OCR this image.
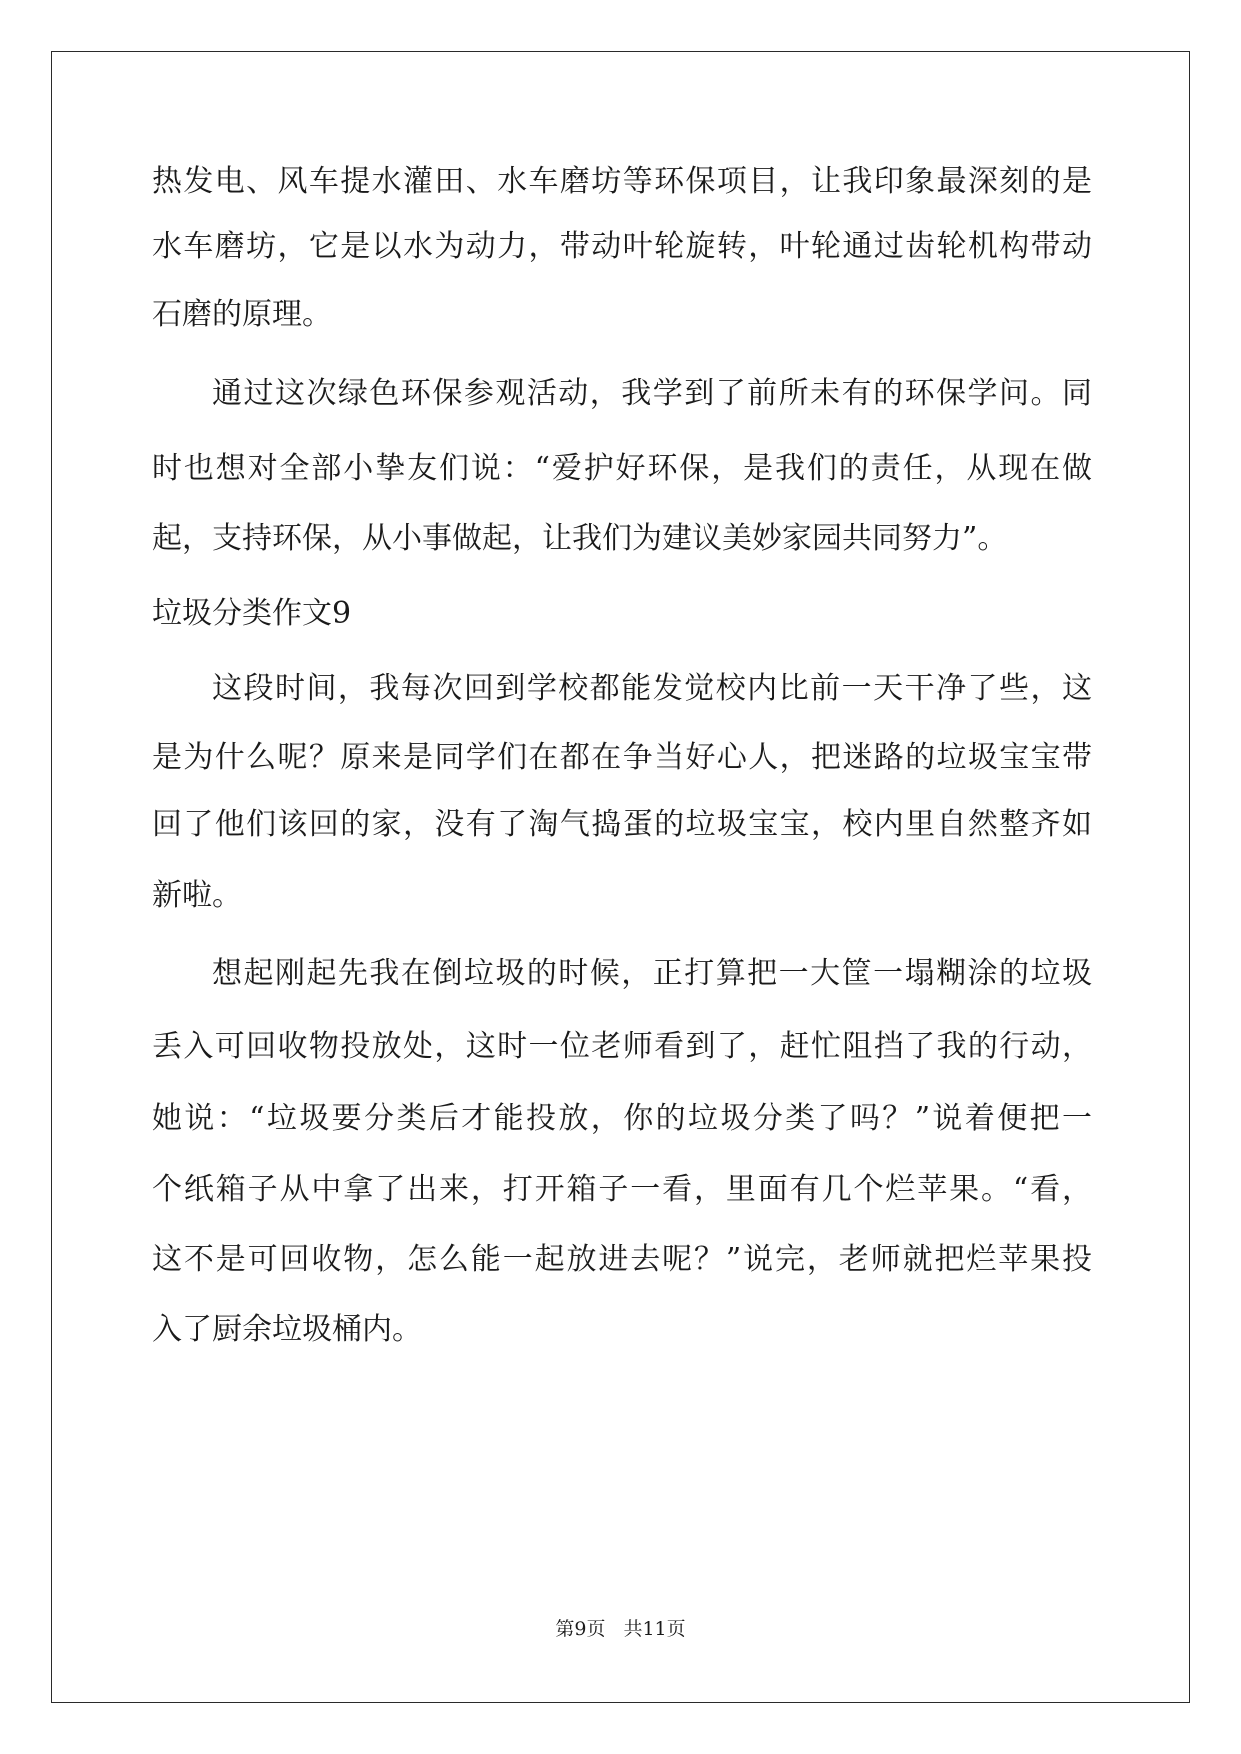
热发电、风车提水灌田、水车磨坊等环保项目，让我印象最深刻的是
水车磨坊，它是以水为动力，带动叶轮旋转，叶轮通过齿轮机构带动
石磨的原理。
通过这次绿色环保参观活动，我学到了前所未有的环保学问。同
时也想对全部小挚友们说：“爱护好环保，是我们的责任，从现在做
起，支持环保，从小事做起，让我们为建议美妙家园共同努力”。
垃圾分类作文9
这段时间，我每次回到学校都能发觉校内比前一天干净了些，这
是为什么呢？原来是同学们在都在争当好心人，把迷路的垃圾宝宝带
回了他们该回的家，没有了淘气捣蛋的垃圾宝宝，校内里自然整齐如
新啦。
想起刚起先我在倒垃圾的时候，正打算把一大筐一塌糊涂的垃圾
丢入可回收物投放处，这时一位老师看到了，赶忙阻挡了我的行动，
她说：“垃圾要分类后才能投放，你的垃圾分类了吗？”说着便把一
个纸箱子从中拿了出来，打开箱子一看，里面有几个烂苹果。“看，
这不是可回收物，怎么能一起放进去呢？”说完，老师就把烂苹果投
入了厨余垃圾桶内。
第9页 共11页
